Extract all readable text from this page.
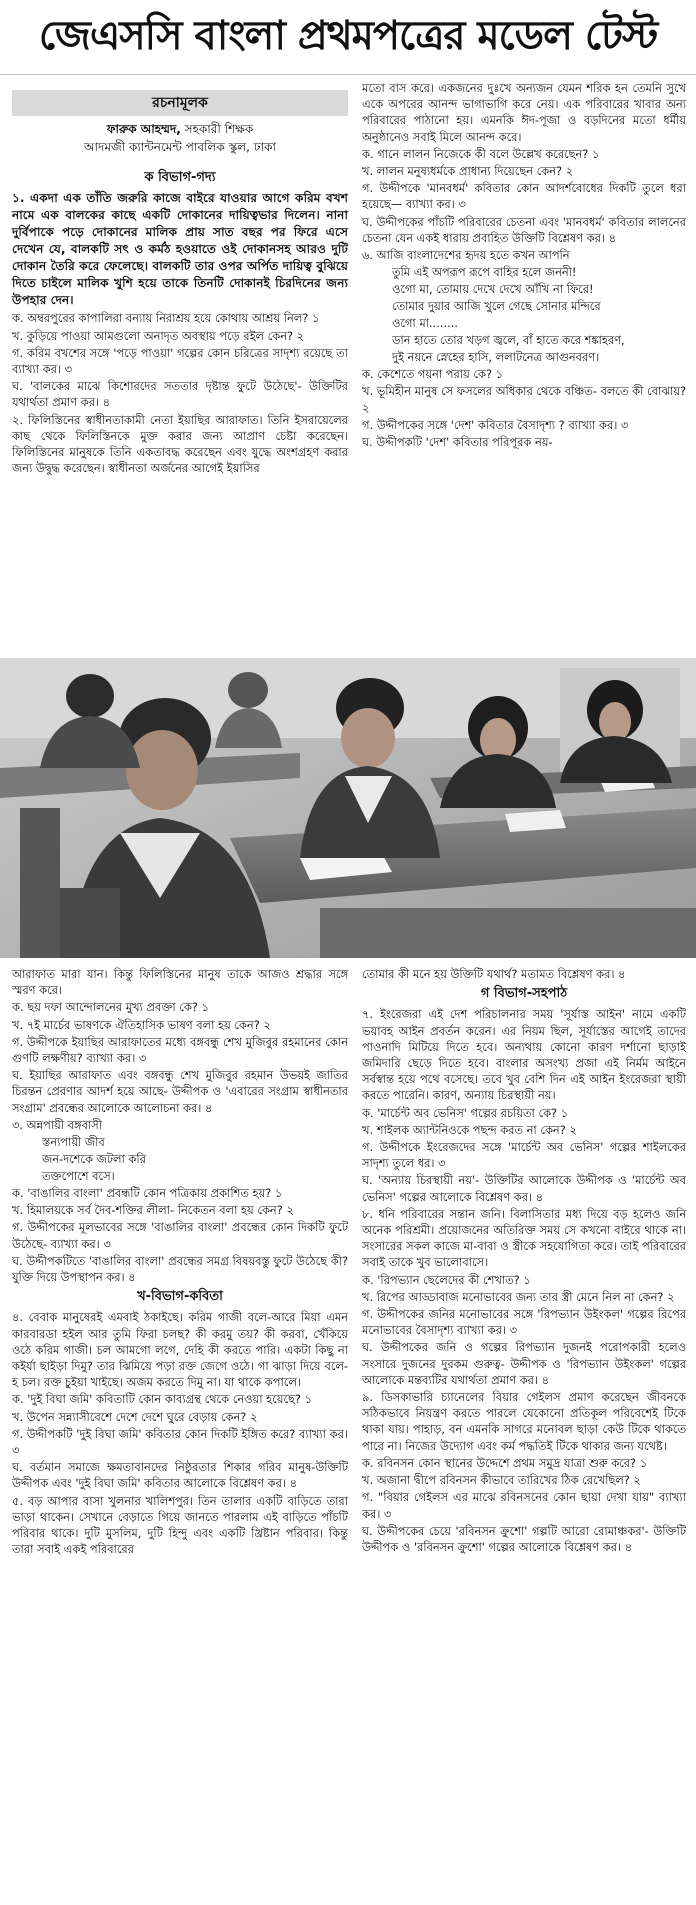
জেএসসি বাংলা প্রথমপত্রের মডেল টেস্ট
রচনামূলক
ফারুক আহম্মদ, সহকারী শিক্ষক
আদমজী ক্যান্টনমেন্ট পাবলিক স্কুল, ঢাকা
ক বিভাগ-গদ্য

১. একদা এক তাঁতি জরুরি কাজে বাইরে যাওয়ার আগে করিম বখশ নামে এক বালকের কাছে একটি দোকানের দায়িত্বভার দিলেন। নানা দুর্বিপাকে পড়ে দোকানের মালিক প্রায় সাত বছর পর ফিরে এসে দেখেন যে, বালকটি সৎ ও কর্মঠ হওয়াতে ওই দোকানসহ আরও দুটি দোকান তৈরি করে ফেলেছে। বালকটি তার ওপর অর্পিত দায়িত্ব বুঝিয়ে দিতে চাইলে মালিক খুশি হয়ে তাকে তিনটি দোকানই চিরদিনের জন্য উপহার দেন।

ক. অম্বরপুরের কাপালিরা বন্যায় নিরাশ্রয় হয়ে কোথায় আশ্রয় নিল? ১

খ. কুড়িয়ে পাওয়া আমগুলো অনাদৃত অবস্থায় পড়ে রইল কেন? ২

গ. করিম বখশের সঙ্গে 'পড়ে পাওয়া' গল্পের কোন চরিত্রের সাদৃশ্য রয়েছে তা ব্যাখ্যা কর। ৩

ঘ. 'বালকের মাঝে কিশোরদের সততার দৃষ্টান্ত ফুটে উঠেছে'- উক্তিটির যথার্থতা প্রমাণ কর। ৪

২. ফিলিস্তিনের স্বাধীনতাকামী নেতা ইয়াছির আরাফাত। তিনি ইসরায়েলের কাছ থেকে ফিলিস্তিনকে মুক্ত করার জন্য আপ্রাণ চেষ্টা করেছেন। ফিলিস্তিনের মানুষকে তিনি একতাবদ্ধ করেছেন এবং যুদ্ধে অংশগ্রহণ করার জন্য উদ্বুদ্ধ করেছেন। স্বাধীনতা অর্জনের আগেই ইয়াসির

মতো বাস করে। একজনের দুঃখে অন্যজন যেমন শরিক হন তেমনি সুখে একে অপরের আনন্দ ভাগাভাগি করে নেয়। এক পরিবারের খাবার অন্য পরিবারের পাঠানো হয়। এমনকি ঈদ-পূজা ও বড়দিনের মতো ধর্মীয় অনুষ্ঠানেও সবাই মিলে আনন্দ করে।

ক. গানে লালন নিজেকে কী বলে উল্লেখ করেছেন? ১

খ. লালন মনুষ্যধর্মকে প্রাধান্য দিয়েছেন কেন? ২

গ. উদ্দীপকে 'মানবধর্ম' কবিতার কোন আদর্শবোধের দিকটি তুলে ধরা হয়েছে— ব্যাখ্যা কর। ৩

ঘ. উদ্দীপকের পাঁচটি পরিবারের চেতনা এবং 'মানবধর্ম' কবিতার লালনের চেতনা যেন একই ধারায় প্রবাহিত উক্তিটি বিশ্লেষণ কর। ৪

৬. আজি বাংলাদেশের হৃদয় হতে কখন আপনি

তুমি এই অপরূপ রূপে বাহির হলে জননী!
ওগো মা, তোমায় দেখে দেখে আঁখি না ফিরে!
তোমার দুয়ার আজি খুলে গেছে সোনার মন্দিরে
ওগো মা........
ডান হাতে তোর খড়গ জ্বলে, বাঁ হাতে করে শঙ্কাহরণ,
দুই নয়নে স্নেহের হাসি, ললাটনেত্র আগুনবরণ।

ক. কেশেতে গয়না পরায় কে? ১

খ. ভূমিহীন মানুষ সে ফসলের অধিকার থেকে বঞ্চিত- বলতে কী বোঝায়? ২

গ. উদ্দীপকের সঙ্গে 'দেশ' কবিতার বৈসাদৃশ্য ? ব্যাখ্যা কর। ৩

ঘ. উদ্দীপকটি 'দেশ' কবিতার পরিপূরক নয়-

আরাফাত মারা যান। কিন্তু ফিলিস্তিনের মানুষ তাকে আজও শ্রদ্ধার সঙ্গে স্মরণ করে।

ক. ছয় দফা আন্দোলনের মুখ্য প্রবক্তা কে? ১

খ. ৭ই মার্চের ভাষণকে ঐতিহাসিক ভাষণ বলা হয় কেন? ২

গ. উদ্দীপকে ইয়াছির আরাফাতের মধ্যে বঙ্গবন্ধু শেখ মুজিবুর রহমানের কোন গুণটি লক্ষণীয়? ব্যাখ্যা কর। ৩

ঘ. ইয়াছির আরাফাত এবং বঙ্গবন্ধু শেখ মুজিবুর রহমান উভয়ই জাতির চিরন্তন প্রেরণার আদর্শ হয়ে আছে- উদ্দীপক ও 'এবারের সংগ্রাম স্বাধীনতার সংগ্রাম' প্রবন্ধের আলোকে আলোচনা কর। ৪

৩. অন্নপায়ী বঙ্গবাসী

স্তন্যপায়ী জীব
জন-দশেকে জটলা করি
তক্তপোশে বসে।

ক. 'বাঙালির বাংলা' প্রবন্ধটি কোন পত্রিকায় প্রকাশিত হয়? ১

খ. হিমালয়কে সর্ব দৈব-শক্তির লীলা- নিকেতন বলা হয় কেন? ২

গ. উদ্দীপকের মূলভাবের সঙ্গে 'বাঙালির বাংলা' প্রবন্ধের কোন দিকটি ফুটে উঠেছে- ব্যাখ্যা কর। ৩

ঘ. উদ্দীপকটিতে 'বাঙালির বাংলা' প্রবন্ধের সমগ্র বিষয়বস্তু ফুটে উঠেছে কী? যুক্তি দিয়ে উপস্থাপন কর। ৪

খ-বিভাগ-কবিতা

৪. বেবাক মানুষেরই এমবাই ঠকাইছে। করিম গাজী বলে-আরে মিয়া এমন কারবারডা হইল আর তুমি ফিরা চলছ? কী করমু তয়? কী করবা, খেঁকিয়ে ওঠে করিম গাজী। চল আমগো লগে, দেহি কী করতে পারি। একটা কিছু না কইর্যা ছাইড়া দিমু? তার ঝিমিয়ে পড়া রক্ত জেগে ওঠে। গা ঝাড়া দিয়ে বলে- হ চল। রক্ত চুইয়া খাইছে। অজম করতে দিমু না। যা থাকে কপালে।

ক. 'দুই বিঘা জমি' কবিতাটি কোন কাব্যগ্রন্থ থেকে নেওয়া হয়েছে? ১

খ. উপেন সন্ন্যাসীবেশে দেশে দেশে ঘুরে বেড়ায় কেন? ২

গ. উদ্দীপকটি 'দুই বিঘা জমি' কবিতার কোন দিকটি ইঙ্গিত করে? ব্যাখ্যা কর। ৩

ঘ. বর্তমান সমাজে ক্ষমতাবানদের নিষ্ঠুরতার শিকার গরিব মানুষ-উক্তিটি উদ্দীপক এবং 'দুই বিঘা জমি' কবিতার আলোকে বিশ্লেষণ কর। ৪

৫. বড় আপার বাসা খুলনার খালিশপুর। তিন তালার একটি বাড়িতে তারা ভাড়া থাকেন। সেখানে বেড়াতে গিয়ে জানতে পারলাম এই বাড়িতে পাঁচটি পরিবার থাকে। দুটি মুসলিম, দুটি হিন্দু এবং একটি খ্রিষ্টান পরিবার। কিন্তু তারা সবাই একই পরিবারের

তোমার কী মনে হয় উক্তিটি যথার্থ? মতামত বিশ্লেষণ কর। ৪

গ বিভাগ-সহপাঠ

৭. ইংরেজরা এই দেশ পরিচালনার সময় 'সূর্যাস্ত আইন' নামে একটি ভয়াবহ আইন প্রবর্তন করেন। এর নিয়ম ছিল, সূর্যাস্তের আগেই তাদের পাওনাদি মিটিয়ে দিতে হবে। অন্যথায় কোনো কারণ দর্শানো ছাড়াই জমিদারি ছেড়ে দিতে হবে। বাংলার অসংখ্য প্রজা এই নির্মম আইনে সর্বস্বান্ত হয়ে পথে বসেছে। তবে খুব বেশি দিন এই আইন ইংরেজরা স্থায়ী করতে পারেনি। কারণ, অন্যায় চিরস্থায়ী নয়।

ক. 'মার্চেন্ট অব ভেনিস' গল্পের রচয়িতা কে? ১

খ. শাইলক অ্যান্টনিওকে পছন্দ করত না কেন? ২

গ. উদ্দীপকে ইংরেজদের সঙ্গে 'মার্চেন্ট অব ভেনিস' গল্পের শাইলকের সাদৃশ্য তুলে ধর। ৩

ঘ. 'অন্যায় চিরস্থায়ী নয়'- উক্তিটির আলোকে উদ্দীপক ও 'মার্চেন্ট অব ভেনিস' গল্পের আলোকে বিশ্লেষণ কর। ৪

৮. ধনি পরিবারের সন্তান জনি। বিলাসিতার মধ্য দিয়ে বড় হলেও জনি অনেক পরিশ্রমী। প্রয়োজনের অতিরিক্ত সময় সে কখনো বাইরে থাকে না। সংসারের সকল কাজে মা-বাবা ও স্ত্রীকে সহযোগিতা করে। তাই পরিবারের সবাই তাকে খুব ভালোবাসে।

ক. 'রিপভ্যান ছেলেদের কী শেখাত? ১

খ. রিপের আড্ডাবাজ মনোভাবের জন্য তার স্ত্রী মেনে নিল না কেন? ২

গ. উদ্দীপকের জনির মনোভাবের সঙ্গে 'রিপভ্যান উইংকল' গল্পের রিপের মনোভাবের বৈসাদৃশ্য ব্যাখ্যা কর। ৩

ঘ. উদ্দীপকের জনি ও গল্পের রিপভ্যান দুজনই পরোপকারী হলেও সংসারে দুজনের দুরকম গুরুত্ব- উদ্দীপক ও 'রিপভ্যান উইংকল' গল্পের আলোকে মন্তব্যটির যথার্থতা প্রমাণ কর। ৪

৯. ডিসকাভারি চ্যানেলের বিয়ার গেইলস প্রমাণ করেছেন জীবনকে সঠিকভাবে নিয়ন্ত্রণ করতে পারলে যেকোনো প্রতিকূল পরিবেশেই টিকে থাকা যায়। পাহাড়, বন এমনকি সাগরে মনোবল ছাড়া কেউ টিকে থাকতে পারে না। নিজের উদ্যোগ এবং কর্ম পদ্ধতিই টিকে থাকার জন্য যথেষ্ট।

ক. রবিনসন কোন স্থানের উদ্দেশে প্রথম সমুদ্র যাত্রা শুরু করে? ১

খ. অজানা দ্বীপে রবিনসন কীভাবে তারিখের ঠিক রেখেছিল? ২

গ. "বিয়ার গেইলস এর মাঝে রবিনসনের কোন ছায়া দেখা যায়" ব্যাখ্যা কর। ৩

ঘ. উদ্দীপকের চেয়ে 'রবিনসন ক্রুশো' গল্পটি আরো রোমাঞ্চকর'- উক্তিটি উদ্দীপক ও 'রবিনসন ক্রুশো' গল্পের আলোকে বিশ্লেষণ কর। ৪
